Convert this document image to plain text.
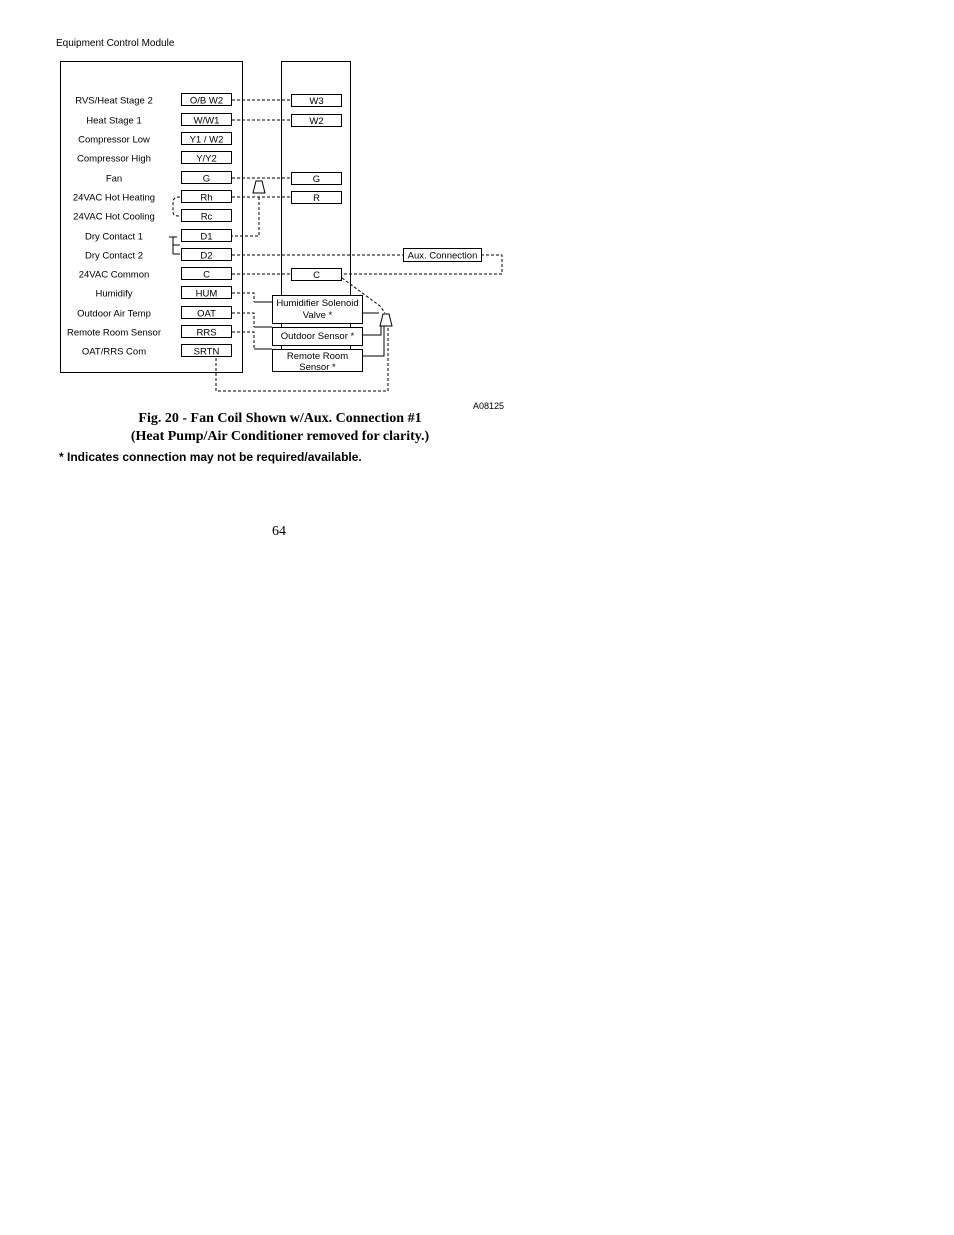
Equipment Control Module
RVS/Heat Stage 2	O/B W2
Heat Stage 1	W/W1
Compressor Low	Y1 / W2
Compressor High	Y/Y2
Fan	G
24VAC Hot Heating	Rh
24VAC Hot Cooling	Rc
Dry Contact 1	D1
Dry Contact 2	D2
24VAC Common	C
Humidify	HUM
Outdoor Air Temp	OAT
Remote Room Sensor	RRS
OAT/RRS Com	SRTN
W3
W2
G
R
C
Aux. Connection
Humidifier Solenoid
Valve *
Outdoor Sensor *
Remote Room
Sensor *
A08125
Fig. 20 - Fan Coil Shown w/Aux. Connection #1
(Heat Pump/Air Conditioner removed for clarity.)
* Indicates connection may not be required/available.
64
